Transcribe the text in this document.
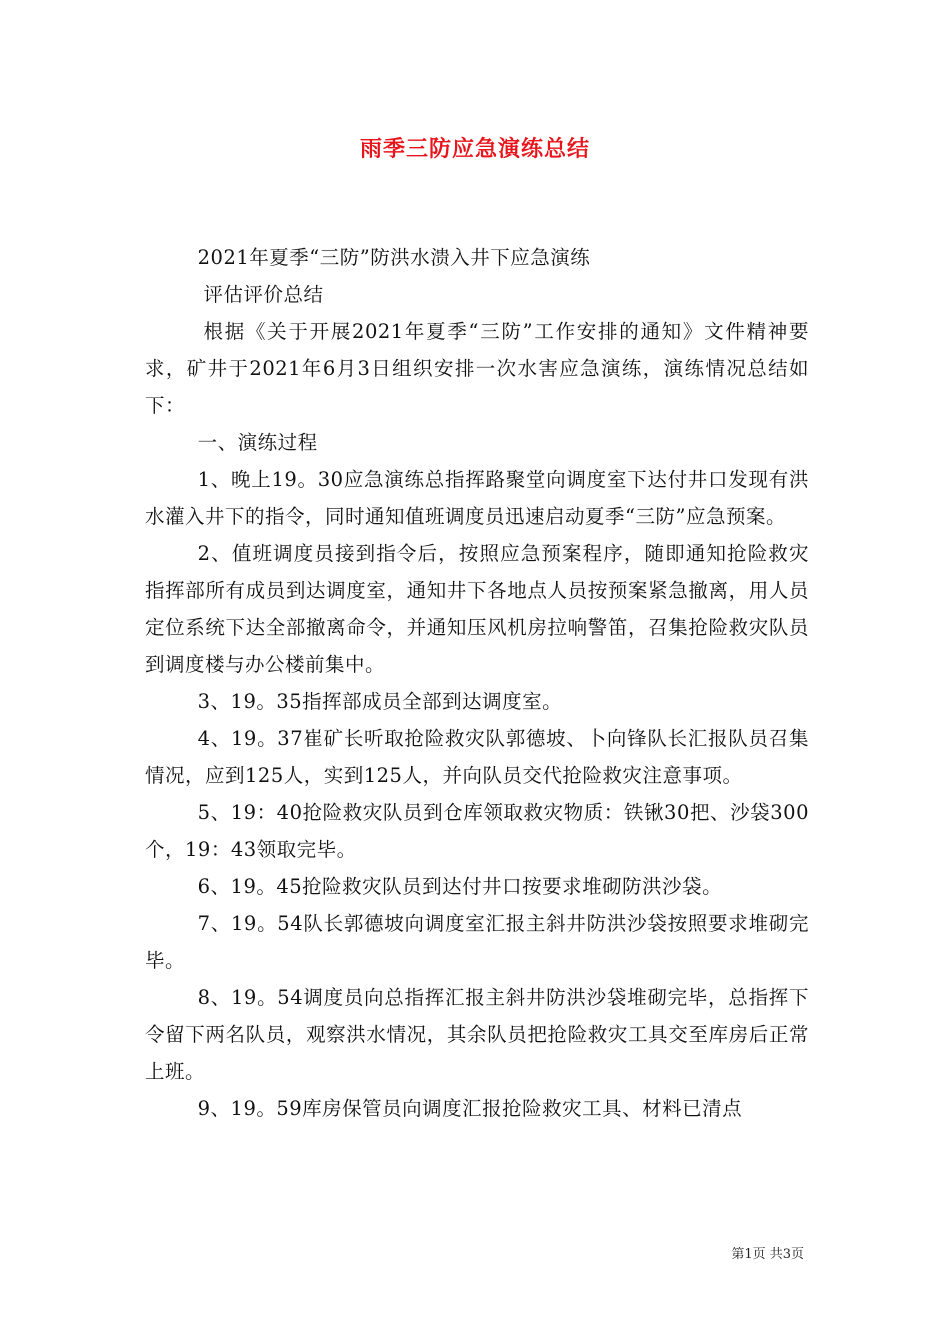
雨季三防应急演练总结

2021年夏季“三防”防洪水溃入井下应急演练

评估评价总结

根据《关于开展2021年夏季“三防”工作安排的通知》文件精神要求，矿井于2021年6月3日组织安排一次水害应急演练，演练情况总结如下：

一、演练过程

1、晚上19。30应急演练总指挥路聚堂向调度室下达付井口发现有洪水灌入井下的指令，同时通知值班调度员迅速启动夏季“三防”应急预案。

2、值班调度员接到指令后，按照应急预案程序，随即通知抢险救灾指挥部所有成员到达调度室，通知井下各地点人员按预案紧急撤离，用人员定位系统下达全部撤离命令，并通知压风机房拉响警笛，召集抢险救灾队员到调度楼与办公楼前集中。

3、19。35指挥部成员全部到达调度室。

4、19。37崔矿长听取抢险救灾队郭德坡、卜向锋队长汇报队员召集情况，应到125人，实到125人，并向队员交代抢险救灾注意事项。

5、19：40抢险救灾队员到仓库领取救灾物质：铁锹30把、沙袋300个，19：43领取完毕。

6、19。45抢险救灾队员到达付井口按要求堆砌防洪沙袋。

7、19。54队长郭德坡向调度室汇报主斜井防洪沙袋按照要求堆砌完毕。

8、19。54调度员向总指挥汇报主斜井防洪沙袋堆砌完毕，总指挥下令留下两名队员，观察洪水情况，其余队员把抢险救灾工具交至库房后正常上班。

9、19。59库房保管员向调度汇报抢险救灾工具、材料已清点

第1页 共3页
